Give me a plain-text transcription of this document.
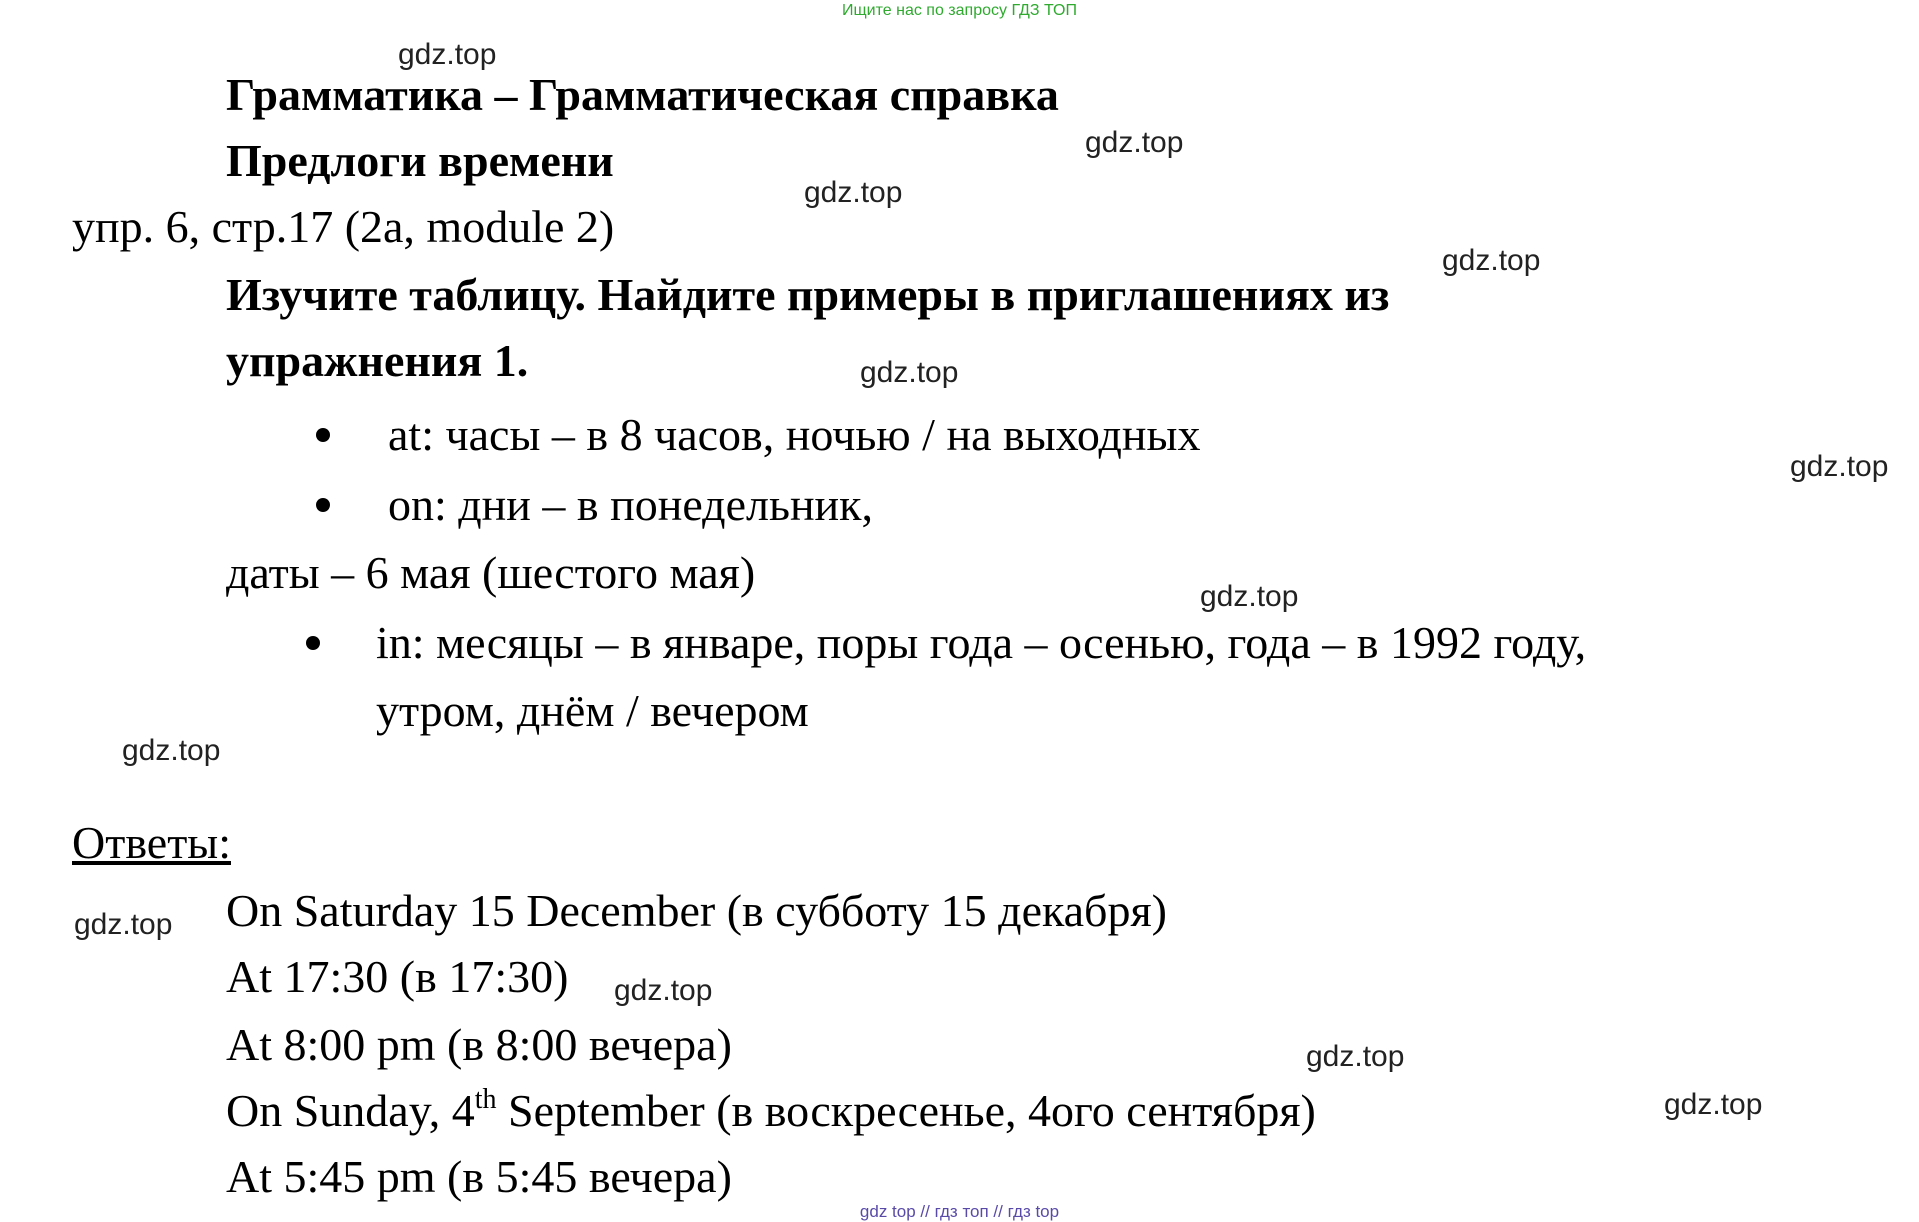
Ищите нас по запросу ГДЗ ТОП
Грамматика – Грамматическая справка
Предлоги времени
упр. 6, стр.17 (2a, module 2)
Изучите таблицу. Найдите примеры в приглашениях из
упражнения 1.
at: часы – в 8 часов, ночью / на выходных
on: дни – в понедельник,
даты – 6 мая (шестого мая)
in: месяцы – в январе, поры года – осенью, года – в 1992 году,
утром, днём / вечером
Ответы:
On Saturday 15 December (в субботу 15 декабря)
At 17:30 (в 17:30)
At 8:00 pm (в 8:00 вечера)
On Sunday, 4th September (в воскресенье, 4ого сентября)
At 5:45 pm (в 5:45 вечера)
gdz.top
gdz.top
gdz.top
gdz.top
gdz.top
gdz.top
gdz.top
gdz.top
gdz.top
gdz.top
gdz.top
gdz.top
gdz top // гдз топ // гдз top
